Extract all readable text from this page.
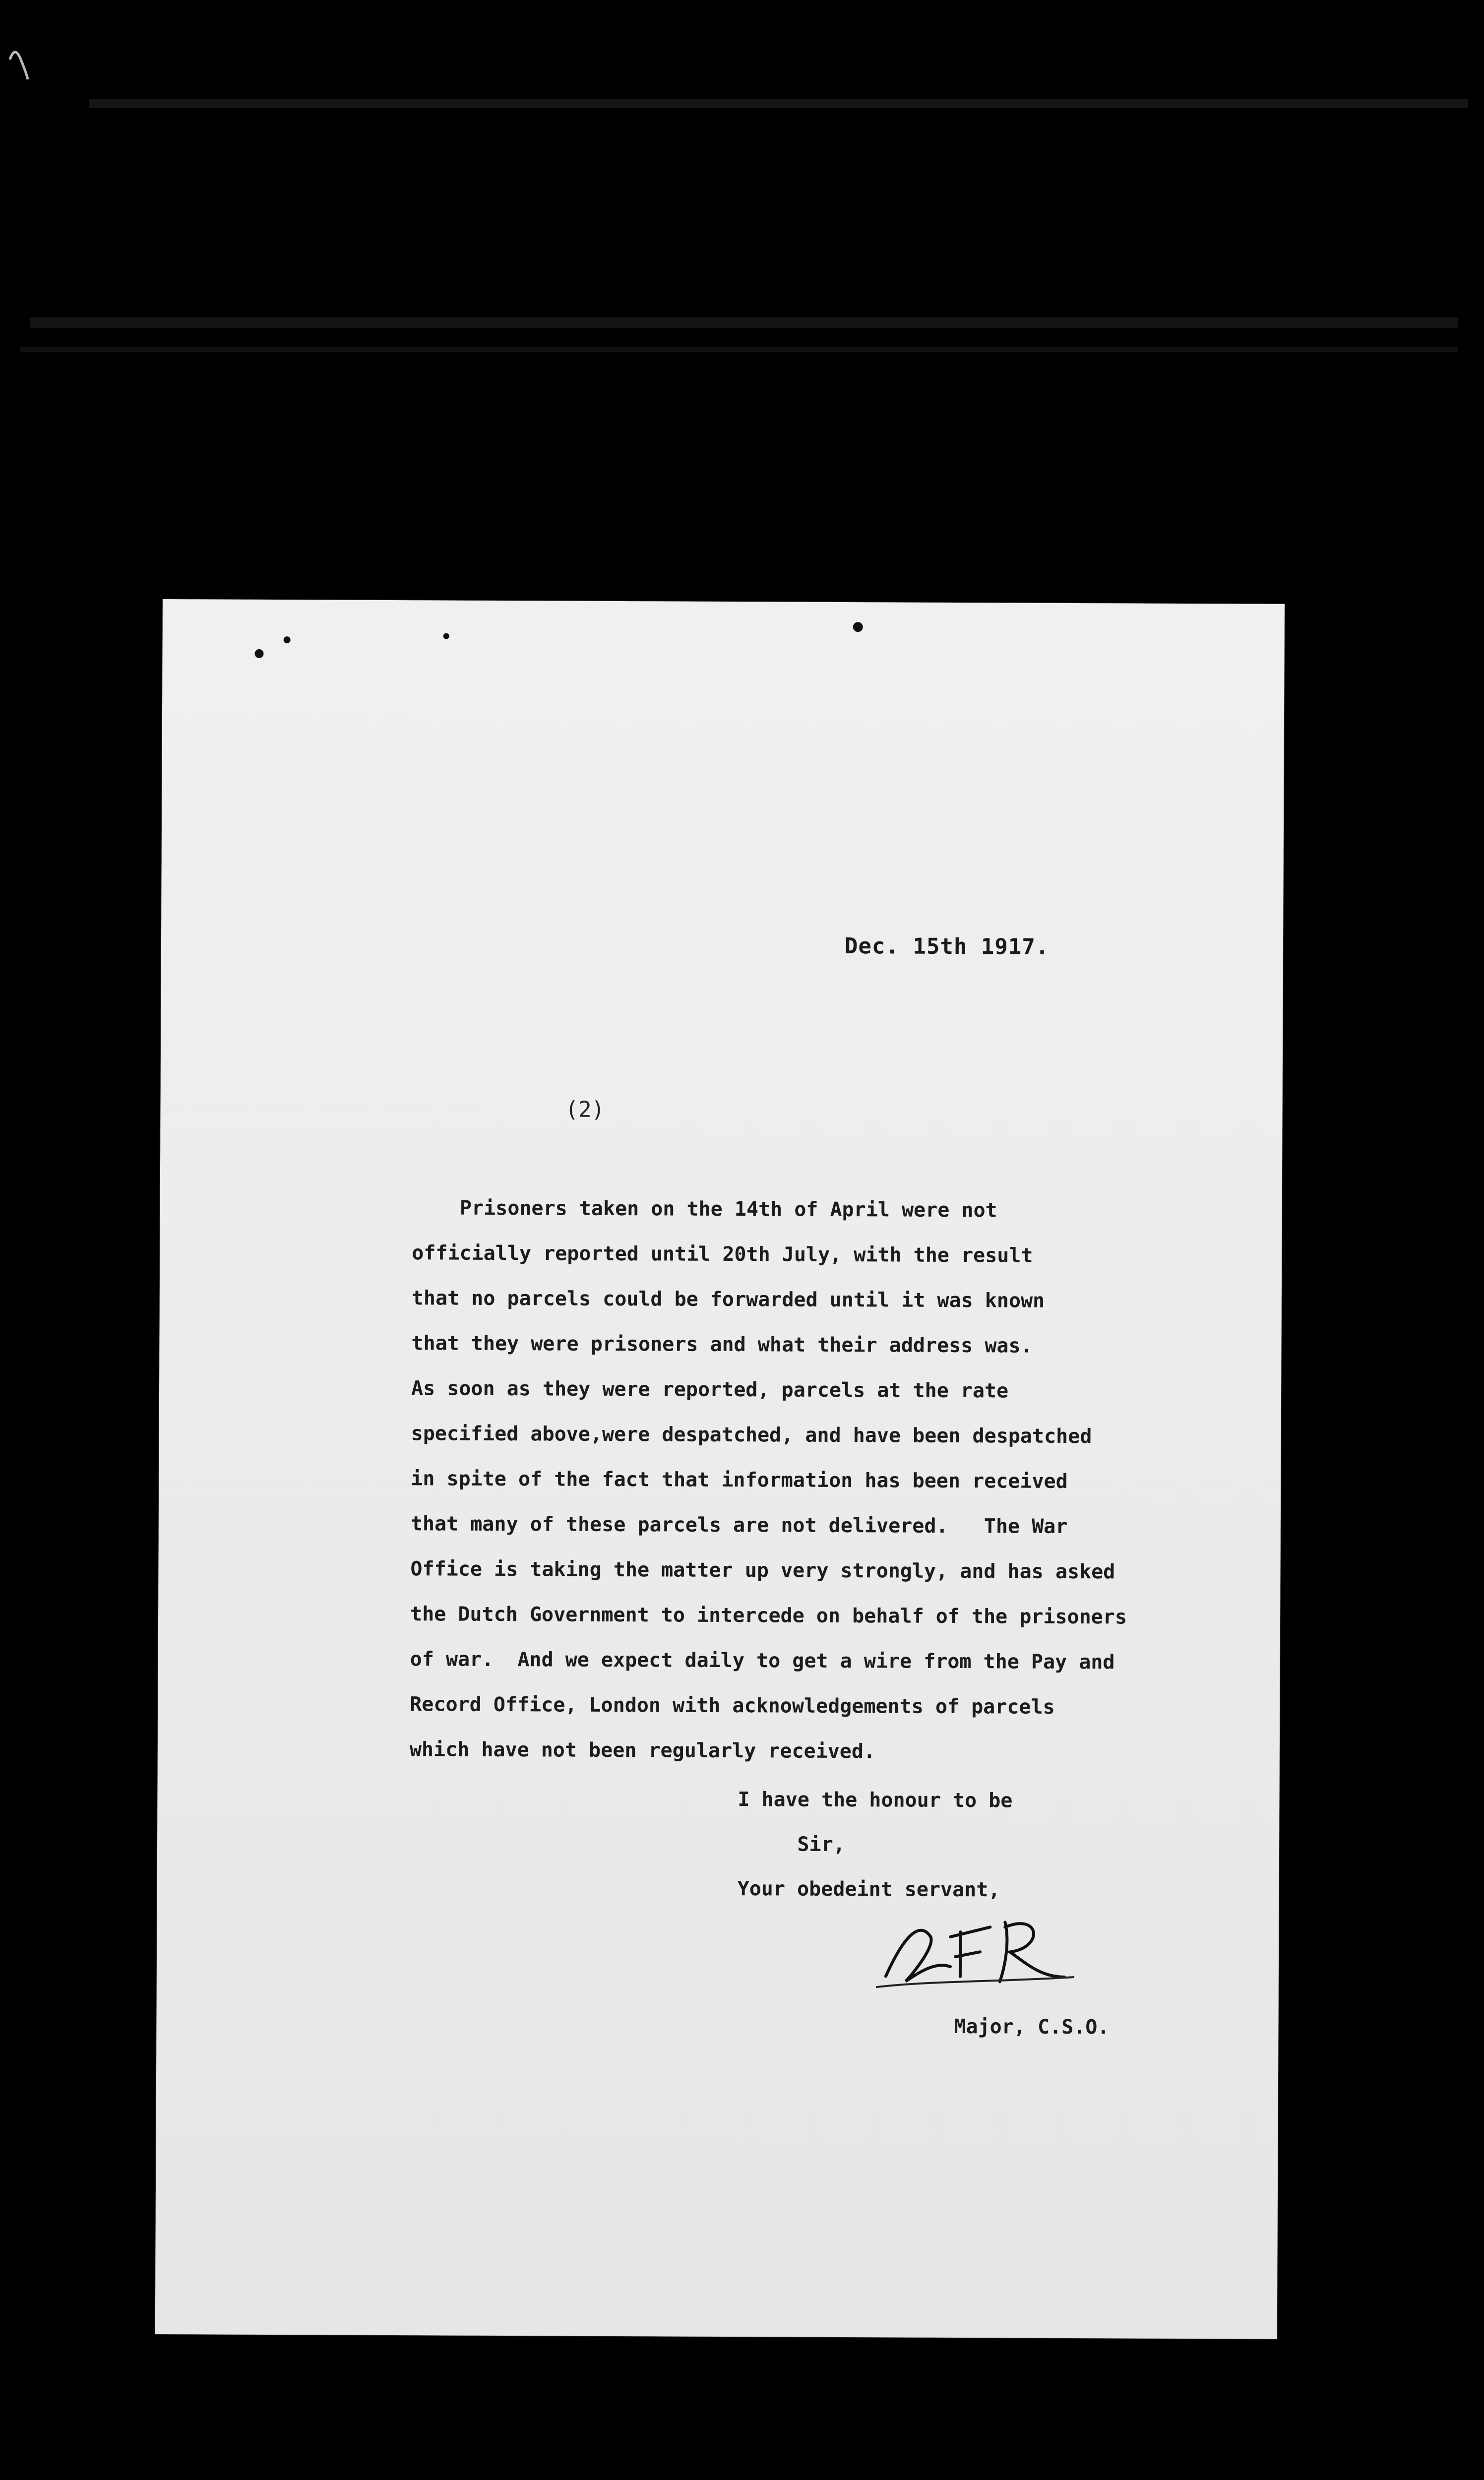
Dec. 15th 1917.
(2)
Prisoners taken on the 14th of April were not
officially reported until 20th July, with the result
that no parcels could be forwarded until it was known
that they were prisoners and what their address was.
As soon as they were reported, parcels at the rate
specified above,were despatched, and have been despatched
in spite of the fact that information has been received
that many of these parcels are not delivered.   The War
Office is taking the matter up very strongly, and has asked
the Dutch Government to intercede on behalf of the prisoners
of war.  And we expect daily to get a wire from the Pay and
Record Office, London with acknowledgements of parcels
which have not been regularly received.
I have the honour to be
Sir,
Your obedeint servant,
Major, C.S.O.
